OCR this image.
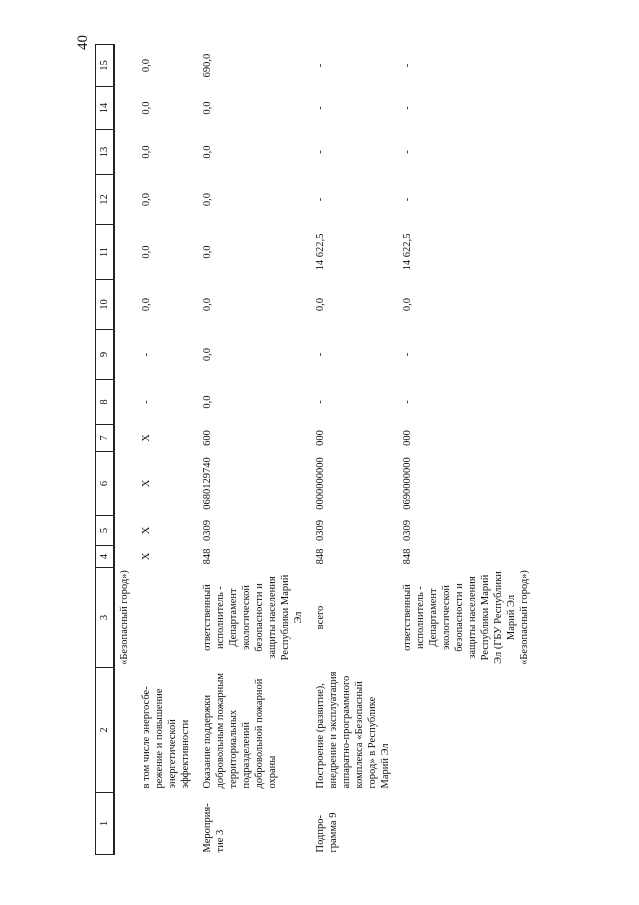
40
1	2	3	4	5	6	7	8	9	10	11	12	13	14	15
		«Безопасный город»)												
	в том числе энергосбе-режение и повышение энергетической эффективности		Х	Х	Х	Х	-	-	0,0	0,0	0,0	0,0	0,0	0,0
Мероприя-тие 3	Оказание поддержки добровольным пожарным территориальных подразделений добровольной пожарной охраны	ответственный исполнитель - Департамент экологической безопасности и защиты населения Республики Марий Эл	848	0309	0680129740	600	0,0	0,0	0,0	0,0	0,0	0,0	0,0	690,0
Подпро-грамма 9	Построение (развитие), внедрение и эксплуатация аппаратно-программного комплекса «Безопасный город» в Республике Марий Эл	всего	848	0309	0000000000	000	-	-	0,0	14 622,5	-	-	-	-
		ответственный исполнитель - Департамент экологической безопасности и защиты населения Республики Марий Эл (ГБУ Республики Марий Эл «Безопасный город»)	848	0309	0690000000	000	-	-	0,0	14 622,5	-	-	-	-
